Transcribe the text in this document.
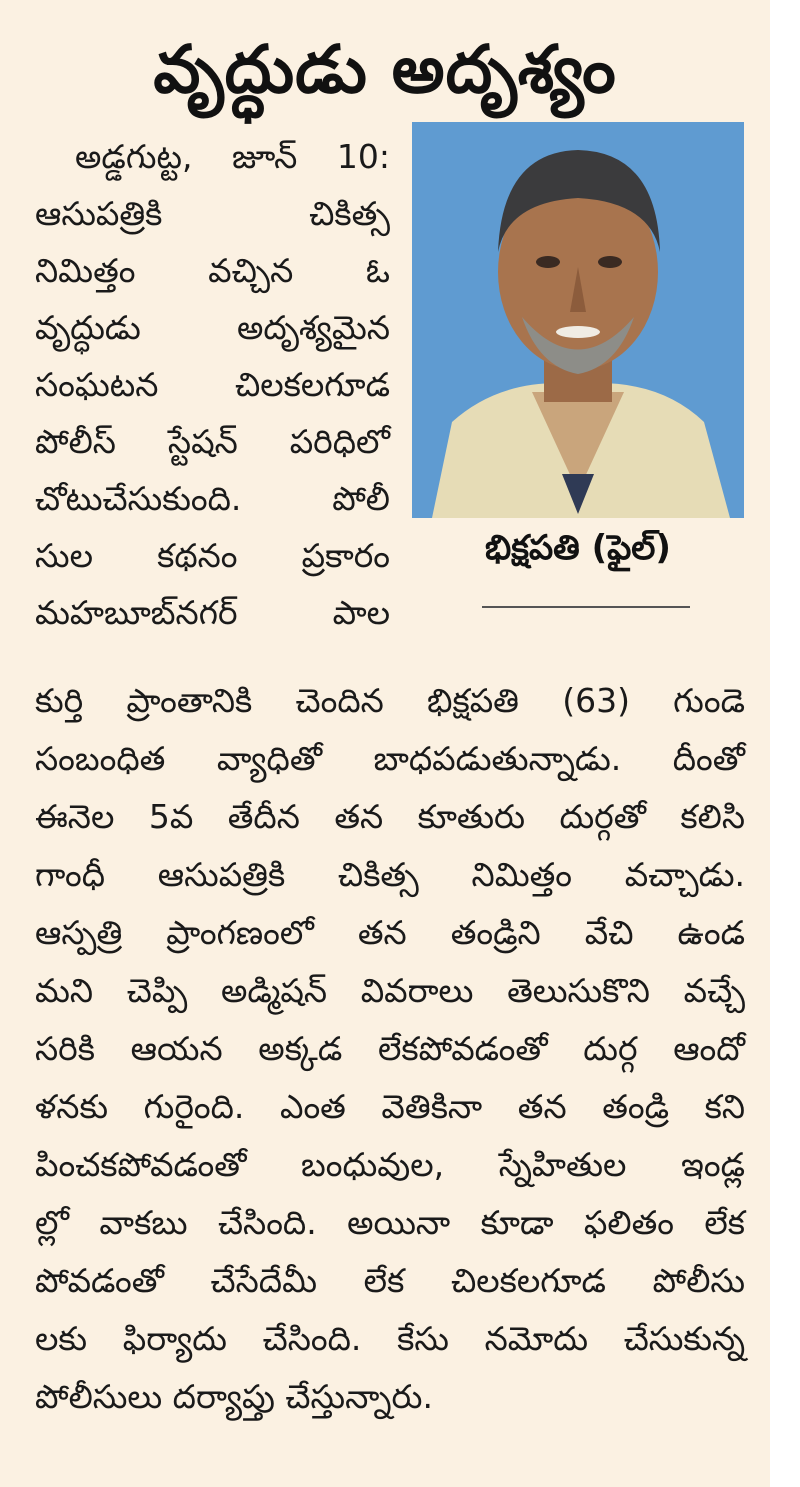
వృద్ధుడు అదృశ్యం
అడ్డగుట్ట, జూన్ 10:
ఆసుపత్రికి చికిత్స
నిమిత్తం వచ్చిన ఓ
వృద్ధుడు అదృశ్యమైన
సంఘటన చిలకలగూడ
పోలీస్ స్టేషన్ పరిధిలో
చోటుచేసుకుంది. పోలీ
సుల కథనం ప్రకారం
మహబూబ్‌నగర్ పాల
భిక్షపతి (ఫైల్)
కుర్తి ప్రాంతానికి చెందిన భిక్షపతి (63) గుండె
సంబంధిత వ్యాధితో బాధపడుతున్నాడు. దీంతో
ఈనెల 5వ తేదీన తన కూతురు దుర్గతో కలిసి
గాంధీ ఆసుపత్రికి చికిత్స నిమిత్తం వచ్చాడు.
ఆస్పత్రి ప్రాంగణంలో తన తండ్రిని వేచి ఉండ
మని చెప్పి అడ్మిషన్ వివరాలు తెలుసుకొని వచ్చే
సరికి ఆయన అక్కడ లేకపోవడంతో దుర్గ ఆందో
ళనకు గురైంది. ఎంత వెతికినా తన తండ్రి కని
పించకపోవడంతో బంధువుల, స్నేహితుల ఇండ్ల
ల్లో వాకబు చేసింది. అయినా కూడా ఫలితం లేక
పోవడంతో చేసేదేమీ లేక చిలకలగూడ పోలీసు
లకు ఫిర్యాదు చేసింది. కేసు నమోదు చేసుకున్న
పోలీసులు దర్యాప్తు చేస్తున్నారు.
